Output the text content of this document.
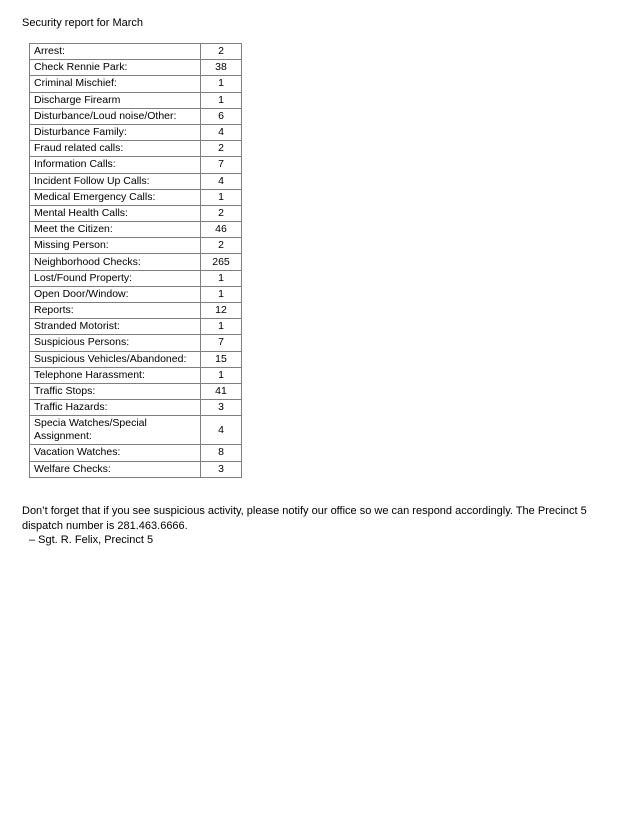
Security report for March
Arrest:	2
Check Rennie Park:	38
Criminal Mischief:	1
Discharge Firearm	1
Disturbance/Loud noise/Other:	6
Disturbance Family:	4
Fraud related calls:	2
Information Calls:	7
Incident Follow Up Calls:	4
Medical Emergency Calls:	1
Mental Health Calls:	2
Meet the Citizen:	46
Missing Person:	2
Neighborhood Checks:	265
Lost/Found Property:	1
Open Door/Window:	1
Reports:	12
Stranded Motorist:	1
Suspicious Persons:	7
Suspicious Vehicles/Abandoned:	15
Telephone Harassment:	1
Traffic Stops:	41
Traffic Hazards:	3
Specia Watches/Special Assignment:	4
Vacation Watches:	8
Welfare Checks:	3
Don’t forget that if you see suspicious activity, please notify our office so we can respond accordingly. The Precinct 5 dispatch number is 281.463.6666.
– Sgt. R. Felix, Precinct 5
